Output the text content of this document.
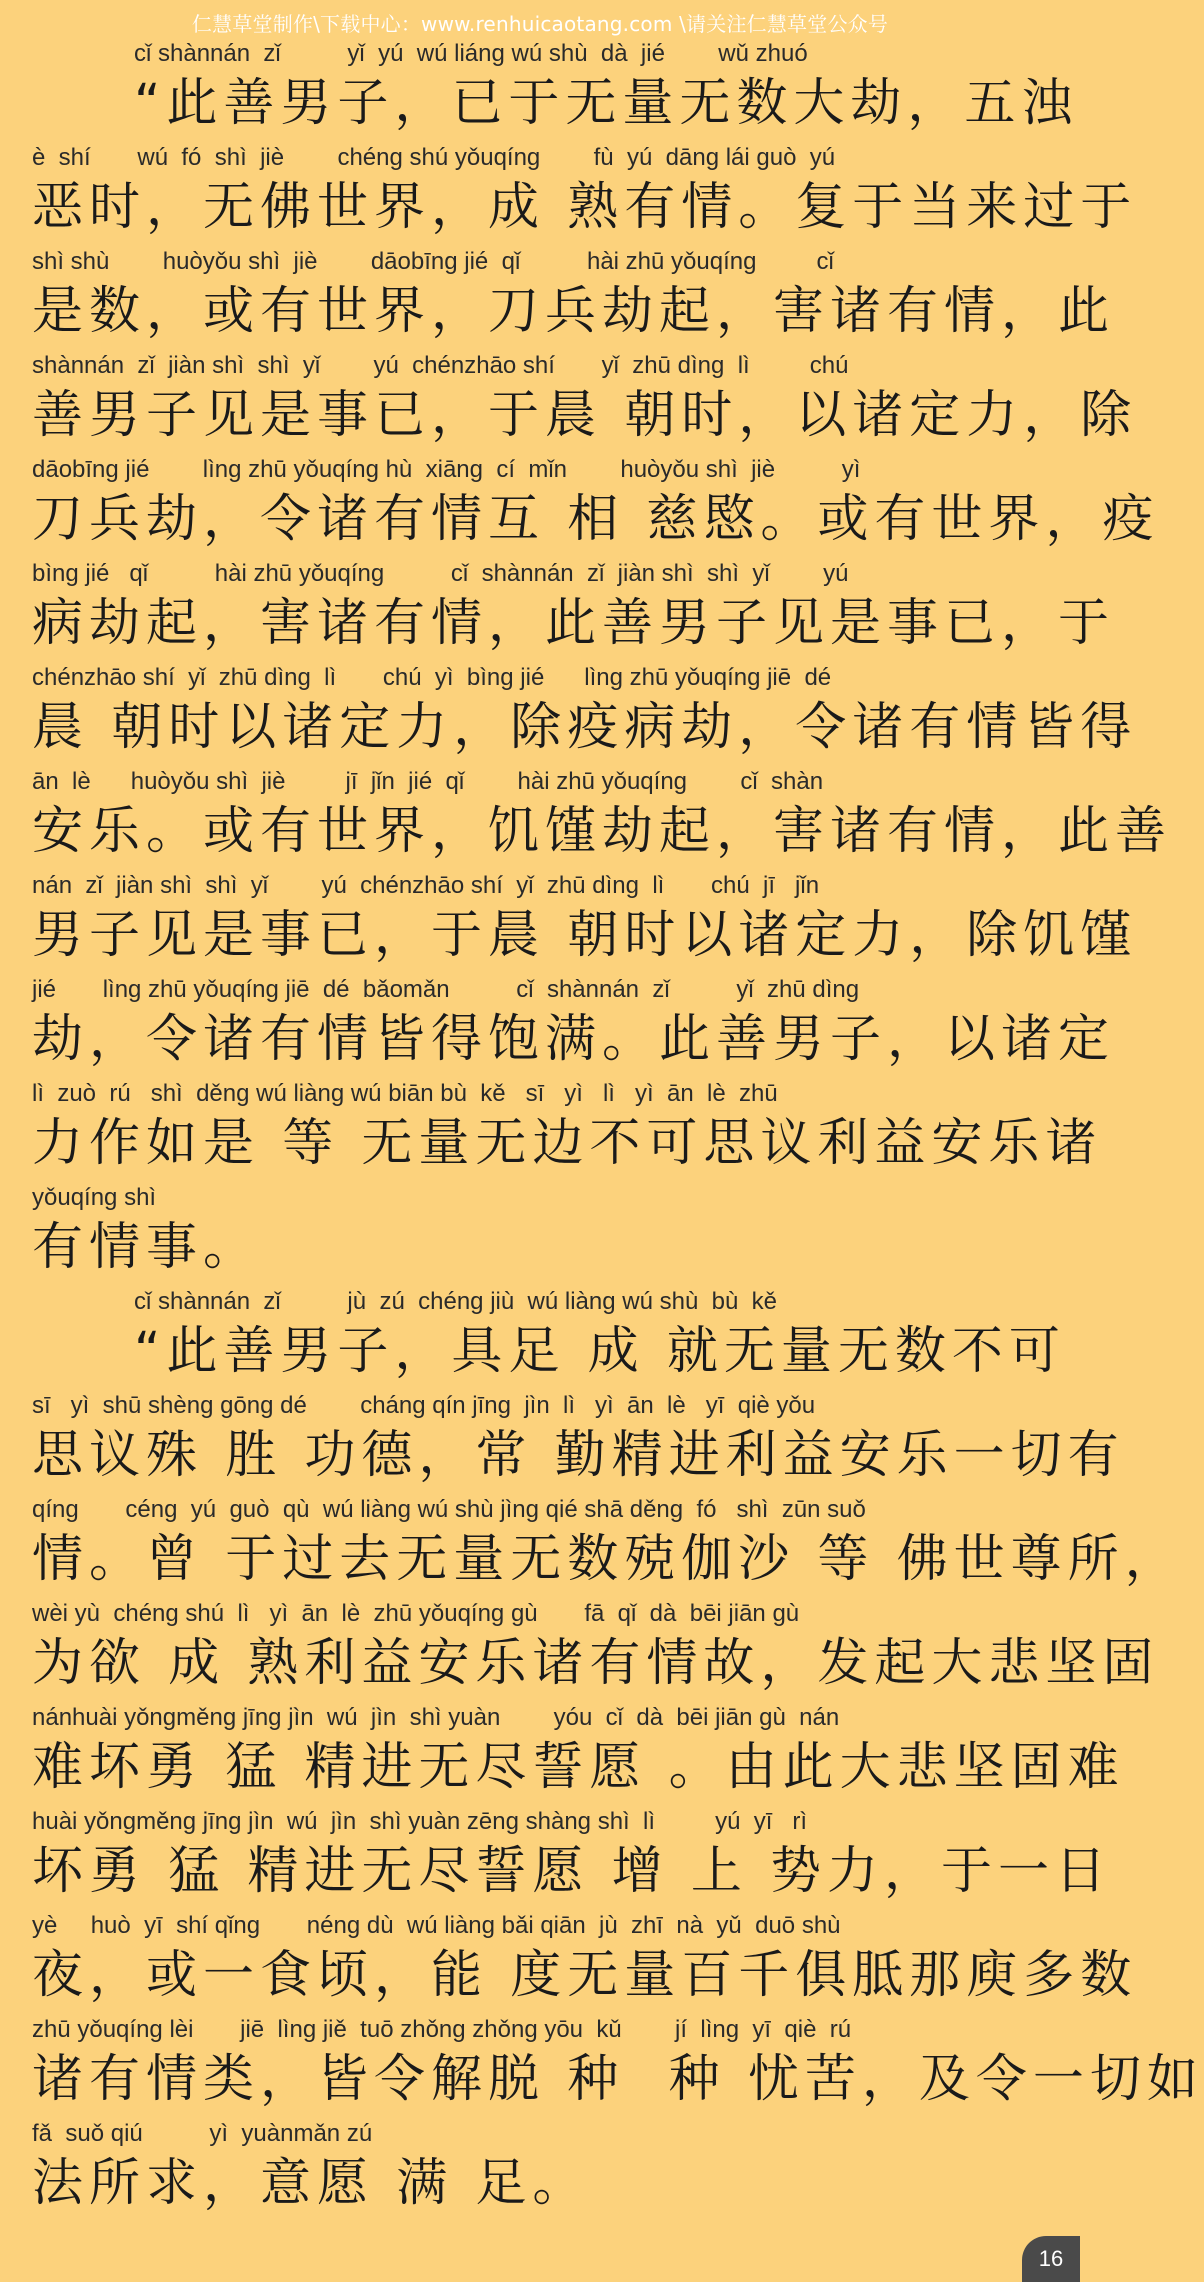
仁慧草堂制作\下载中心：www.renhuicaotang.com \请关注仁慧草堂公众号
cǐ shànnán  zǐ          yǐ  yú  wú liáng wú shù  dà  jié        wǔ zhuó
“此善男子，已于无量无数大劫，五浊
è  shí       wú  fó  shì  jiè        chéng shú yǒuqíng        fù  yú  dāng lái guò  yú
恶时，无佛世界，成 熟有情。复于当来过于
shì shù        huòyǒu shì  jiè        dāobīng jié  qǐ          hài zhū yǒuqíng         cǐ
是数，或有世界，刀兵劫起，害诸有情，此
shànnán  zǐ  jiàn shì  shì  yǐ        yú  chénzhāo shí       yǐ  zhū dìng  lì         chú
善男子见是事已，于晨 朝时，以诸定力，除
dāobīng jié        lìng zhū yǒuqíng hù  xiāng  cí  mǐn        huòyǒu shì  jiè          yì
刀兵劫，令诸有情互 相 慈愍。或有世界，疫
bìng jié   qǐ          hài zhū yǒuqíng          cǐ  shànnán  zǐ  jiàn shì  shì  yǐ        yú
病劫起，害诸有情，此善男子见是事已，于
chénzhāo shí  yǐ  zhū dìng  lì       chú  yì  bìng jié      lìng zhū yǒuqíng jiē  dé
晨 朝时以诸定力，除疫病劫，令诸有情皆得
ān  lè      huòyǒu shì  jiè         jī  jǐn  jié  qǐ        hài zhū yǒuqíng        cǐ  shàn
安乐。或有世界，饥馑劫起，害诸有情，此善
nán  zǐ  jiàn shì  shì  yǐ        yú  chénzhāo shí  yǐ  zhū dìng  lì       chú  jī   jǐn
男子见是事已，于晨 朝时以诸定力，除饥馑
jié       lìng zhū yǒuqíng jiē  dé  bǎomǎn          cǐ  shànnán  zǐ          yǐ  zhū dìng
劫，令诸有情皆得饱满。此善男子，以诸定
lì  zuò  rú   shì  děng wú liàng wú biān bù  kě   sī   yì   lì   yì  ān  lè  zhū
力作如是 等 无量无边不可思议利益安乐诸
yǒuqíng shì
有情事。
cǐ shànnán  zǐ          jù  zú  chéng jiù  wú liàng wú shù  bù  kě
“此善男子，具足 成 就无量无数不可
sī   yì  shū shèng gōng dé        cháng qín jīng  jìn  lì   yì  ān  lè   yī  qiè yǒu
思议殊 胜 功德，常 勤精进利益安乐一切有
qíng       céng  yú  guò  qù  wú liàng wú shù jìng qié shā děng  fó   shì  zūn suǒ
情。曾 于过去无量无数殑伽沙 等 佛世尊所，
wèi yù  chéng shú  lì   yì  ān  lè  zhū yǒuqíng gù       fā  qǐ  dà  bēi jiān gù
为欲 成 熟利益安乐诸有情故，发起大悲坚固
nánhuài yǒngměng jīng jìn  wú  jìn  shì yuàn        yóu  cǐ  dà  bēi jiān gù  nán
难坏勇 猛 精进无尽誓愿 。由此大悲坚固难
huài yǒngměng jīng jìn  wú  jìn  shì yuàn zēng shàng shì  lì         yú  yī   rì
坏勇 猛 精进无尽誓愿 增 上 势力，于一日
yè     huò  yī  shí qǐng       néng dù  wú liàng bǎi qiān  jù  zhī  nà  yǔ  duō shù
夜，或一食顷，能 度无量百千俱胝那庾多数
zhū yǒuqíng lèi       jiē  lìng jiě  tuō zhǒng zhǒng yōu  kǔ        jí  lìng  yī  qiè  rú
诸有情类，皆令解脱 种  种 忧苦，及令一切如
fǎ  suǒ qiú          yì  yuànmǎn zú
法所求，意愿 满 足。
16
